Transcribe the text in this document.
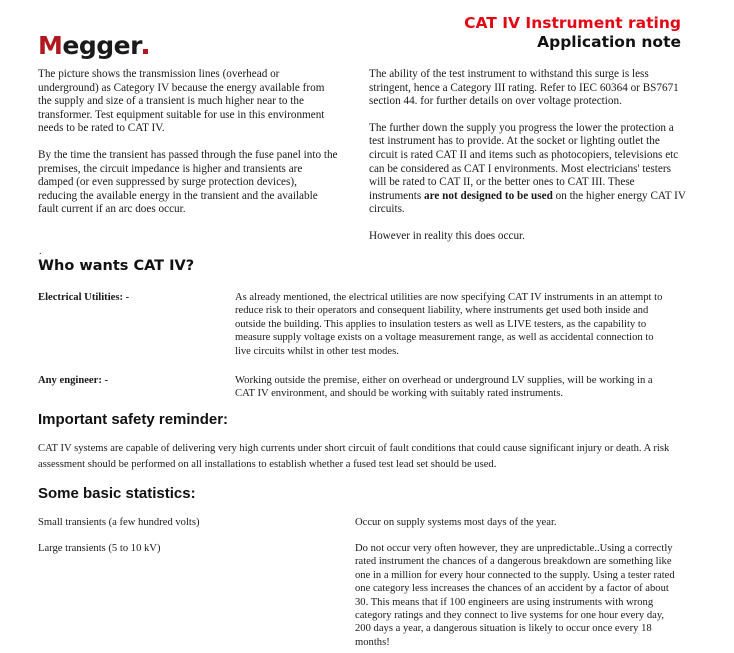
Megger
CAT IV Instrument rating
Application note

The picture shows the transmission lines (overhead or underground) as Category IV because the energy available from the supply and size of a transient is much higher near to the transformer. Test equipment suitable for use in this environment needs to be rated to CAT IV.

By the time the transient has passed through the fuse panel into the premises, the circuit impedance is higher and transients are damped (or even suppressed by surge protection devices), reducing the available energy in the transient and the available fault current if an arc does occur.

The ability of the test instrument to withstand this surge is less stringent, hence a Category III rating. Refer to IEC 60364 or BS7671 section 44. for further details on over voltage protection.

The further down the supply you progress the lower the protection a test instrument has to provide. At the socket or lighting outlet the circuit is rated CAT II and items such as photocopiers, televisions etc can be considered as CAT I environments. Most electricians' testers will be rated to CAT II, or the better ones to CAT III. These instruments are not designed to be used on the higher energy CAT IV circuits.

However in reality this does occur.

.
Who wants CAT IV?
Electrical Utilities: -	As already mentioned, the electrical utilities are now specifying CAT IV instruments in an attempt to reduce risk to their operators and consequent liability, where instruments get used both inside and outside the building. This applies to insulation testers as well as LIVE testers, as the capability to measure supply voltage exists on a voltage measurement range, as well as accidental connection to live circuits whilst in other test modes.
Any engineer: -	Working outside the premise, either on overhead or underground LV supplies, will be working in a CAT IV environment, and should be working with suitably rated instruments.
Important safety reminder:
CAT IV systems are capable of delivering very high currents under short circuit of fault conditions that could cause significant injury or death. A risk assessment should be performed on all installations to establish whether a fused test lead set should be used.
Some basic statistics:
Small transients (a few hundred volts)	Occur on supply systems most days of the year.
Large transients (5 to 10 kV)	Do not occur very often however, they are unpredictable..Using a correctly rated instrument the chances of a dangerous breakdown are something like one in a million for every hour connected to the supply. Using a tester rated one category less increases the chances of an accident by a factor of about 30. This means that if 100 engineers are using instruments with wrong category ratings and they connect to live systems for one hour every day, 200 days a year, a dangerous situation is likely to occur once every 18 months!
